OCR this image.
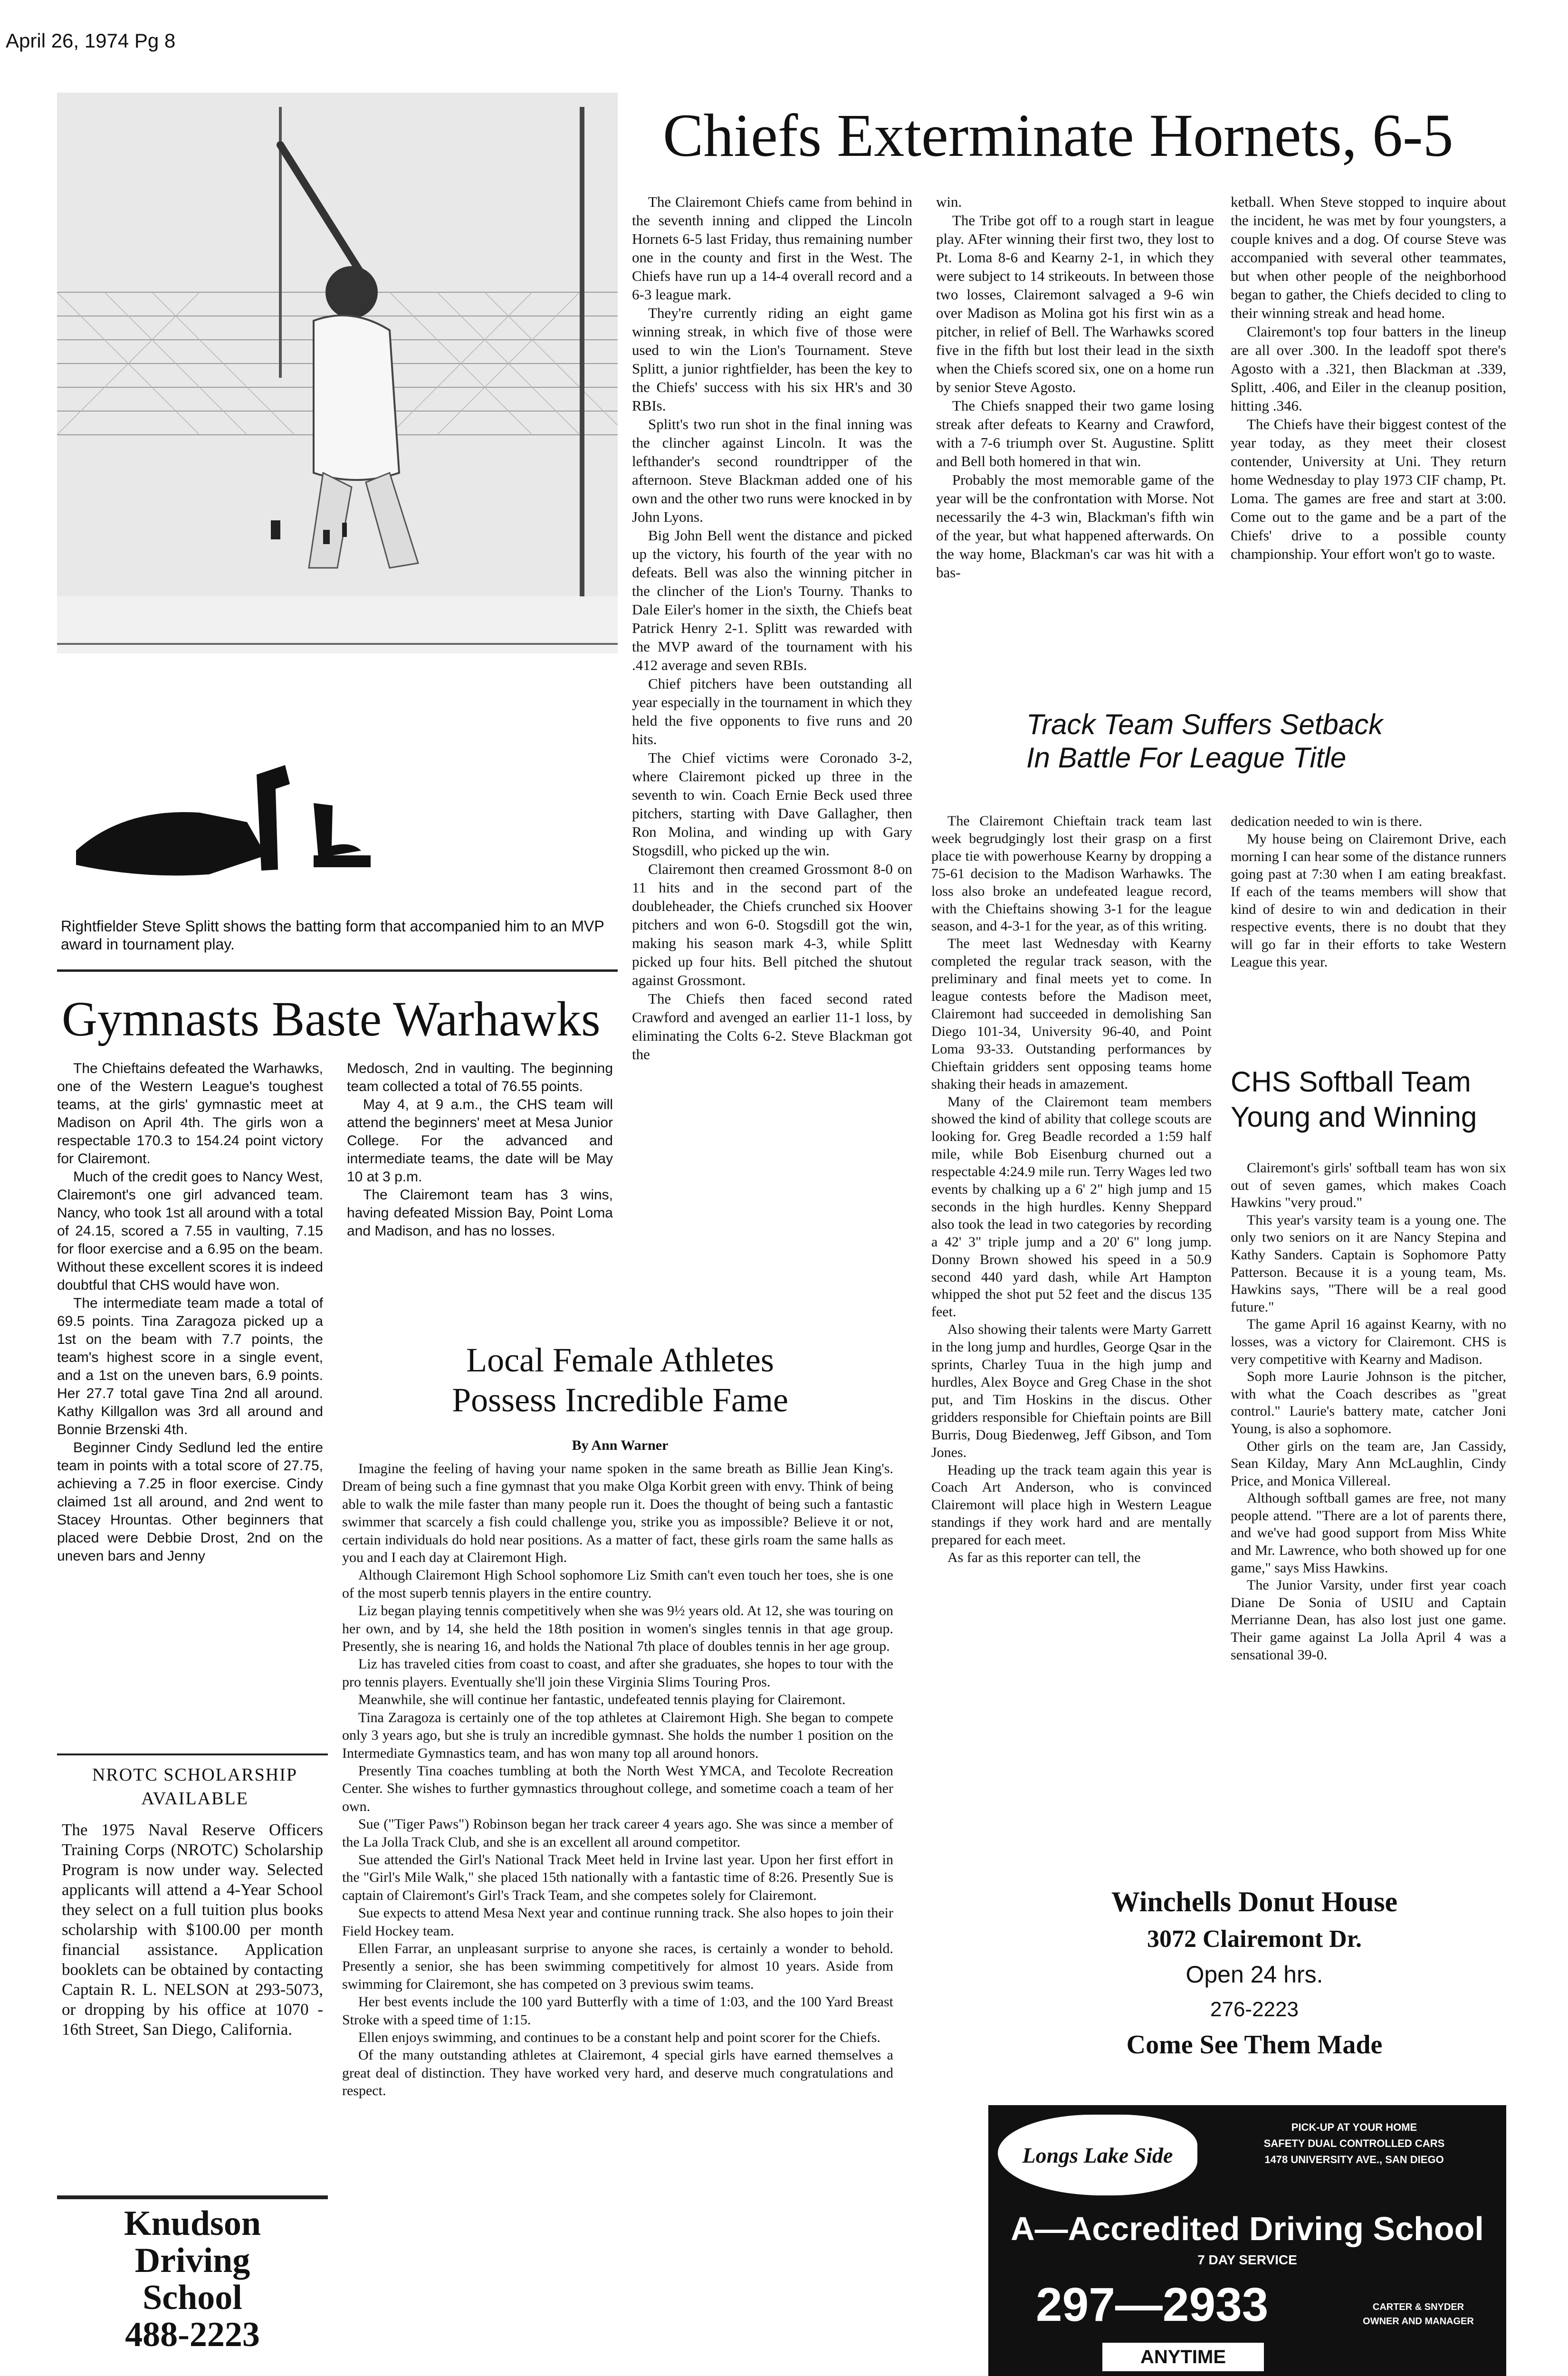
April 26, 1974 Pg 8
Rightfielder Steve Splitt shows the batting form that accompanied him to an MVP award in tournament play.
Chiefs Exterminate Hornets, 6-5

The Clairemont Chiefs came from behind in the seventh inning and clipped the Lincoln Hornets 6-5 last Friday, thus remaining number one in the county and first in the West. The Chiefs have run up a 14-4 overall record and a 6-3 league mark.

They're currently riding an eight game winning streak, in which five of those were used to win the Lion's Tournament. Steve Splitt, a junior rightfielder, has been the key to the Chiefs' success with his six HR's and 30 RBIs.

Splitt's two run shot in the final inning was the clincher against Lincoln. It was the lefthander's second roundtripper of the afternoon. Steve Blackman added one of his own and the other two runs were knocked in by John Lyons.

Big John Bell went the distance and picked up the victory, his fourth of the year with no defeats. Bell was also the winning pitcher in the clincher of the Lion's Tourny. Thanks to Dale Eiler's homer in the sixth, the Chiefs beat Patrick Henry 2-1. Splitt was rewarded with the MVP award of the tournament with his .412 average and seven RBIs.

Chief pitchers have been outstanding all year especially in the tournament in which they held the five opponents to five runs and 20 hits.

The Chief victims were Coronado 3-2, where Clairemont picked up three in the seventh to win. Coach Ernie Beck used three pitchers, starting with Dave Gallagher, then Ron Molina, and winding up with Gary Stogsdill, who picked up the win.

Clairemont then creamed Grossmont 8-0 on 11 hits and in the second part of the doubleheader, the Chiefs crunched six Hoover pitchers and won 6-0. Stogsdill got the win, making his season mark 4-3, while Splitt picked up four hits. Bell pitched the shutout against Grossmont.

The Chiefs then faced second rated Crawford and avenged an earlier 11-1 loss, by eliminating the Colts 6-2. Steve Blackman got the

win.

The Tribe got off to a rough start in league play. AFter winning their first two, they lost to Pt. Loma 8-6 and Kearny 2-1, in which they were subject to 14 strikeouts. In between those two losses, Clairemont salvaged a 9-6 win over Madison as Molina got his first win as a pitcher, in relief of Bell. The Warhawks scored five in the fifth but lost their lead in the sixth when the Chiefs scored six, one on a home run by senior Steve Agosto.

The Chiefs snapped their two game losing streak after defeats to Kearny and Crawford, with a 7-6 triumph over St. Augustine. Splitt and Bell both homered in that win.

Probably the most memorable game of the year will be the confrontation with Morse. Not necessarily the 4-3 win, Blackman's fifth win of the year, but what happened afterwards. On the way home, Blackman's car was hit with a bas-

ketball. When Steve stopped to inquire about the incident, he was met by four youngsters, a couple knives and a dog. Of course Steve was accompanied with several other teammates, but when other people of the neighborhood began to gather, the Chiefs decided to cling to their winning streak and head home.

Clairemont's top four batters in the lineup are all over .300. In the leadoff spot there's Agosto with a .321, then Blackman at .339, Splitt, .406, and Eiler in the cleanup position, hitting .346.

The Chiefs have their biggest contest of the year today, as they meet their closest contender, University at Uni. They return home Wednesday to play 1973 CIF champ, Pt. Loma. The games are free and start at 3:00. Come out to the game and be a part of the Chiefs' drive to a possible county championship. Your effort won't go to waste.

Gymnasts Baste Warhawks

The Chieftains defeated the Warhawks, one of the Western League's toughest teams, at the girls' gymnastic meet at Madison on April 4th. The girls won a respectable 170.3 to 154.24 point victory for Clairemont.

Much of the credit goes to Nancy West, Clairemont's one girl advanced team. Nancy, who took 1st all around with a total of 24.15, scored a 7.55 in vaulting, 7.15 for floor exercise and a 6.95 on the beam. Without these excellent scores it is indeed doubtful that CHS would have won.

The intermediate team made a total of 69.5 points. Tina Zaragoza picked up a 1st on the beam with 7.7 points, the team's highest score in a single event, and a 1st on the uneven bars, 6.9 points. Her 27.7 total gave Tina 2nd all around. Kathy Killgallon was 3rd all around and Bonnie Brzenski 4th.

Beginner Cindy Sedlund led the entire team in points with a total score of 27.75, achieving a 7.25 in floor exercise. Cindy claimed 1st all around, and 2nd went to Stacey Hrountas. Other beginners that placed were Debbie Drost, 2nd on the uneven bars and Jenny

Medosch, 2nd in vaulting. The beginning team collected a total of 76.55 points.

May 4, at 9 a.m., the CHS team will attend the beginners' meet at Mesa Junior College. For the advanced and intermediate teams, the date will be May 10 at 3 p.m.

The Clairemont team has 3 wins, having defeated Mission Bay, Point Loma and Madison, and has no losses.

NROTC SCHOLARSHIP AVAILABLE
The 1975 Naval Reserve Officers Training Corps (NROTC) Scholarship Program is now under way. Selected applicants will attend a 4-Year School they select on a full tuition plus books scholarship with $100.00 per month financial assistance. Application booklets can be obtained by contacting Captain R. L. NELSON at 293-5073, or dropping by his office at 1070 - 16th Street, San Diego, California.
Knudson
Driving
School
488-2223
Local Female Athletes
Possess Incredible Fame
By Ann Warner

Imagine the feeling of having your name spoken in the same breath as Billie Jean King's. Dream of being such a fine gymnast that you make Olga Korbit green with envy. Think of being able to walk the mile faster than many people run it. Does the thought of being such a fantastic swimmer that scarcely a fish could challenge you, strike you as impossible? Believe it or not, certain individuals do hold near positions. As a matter of fact, these girls roam the same halls as you and I each day at Clairemont High.

Although Clairemont High School sophomore Liz Smith can't even touch her toes, she is one of the most superb tennis players in the entire country.

Liz began playing tennis competitively when she was 9½ years old. At 12, she was touring on her own, and by 14, she held the 18th position in women's singles tennis in that age group. Presently, she is nearing 16, and holds the National 7th place of doubles tennis in her age group.

Liz has traveled cities from coast to coast, and after she graduates, she hopes to tour with the pro tennis players. Eventually she'll join these Virginia Slims Touring Pros.

Meanwhile, she will continue her fantastic, undefeated tennis playing for Clairemont.

Tina Zaragoza is certainly one of the top athletes at Clairemont High. She began to compete only 3 years ago, but she is truly an incredible gymnast. She holds the number 1 position on the Intermediate Gymnastics team, and has won many top all around honors.

Presently Tina coaches tumbling at both the North West YMCA, and Tecolote Recreation Center. She wishes to further gymnastics throughout college, and sometime coach a team of her own.

Sue ("Tiger Paws") Robinson began her track career 4 years ago. She was since a member of the La Jolla Track Club, and she is an excellent all around competitor.

Sue attended the Girl's National Track Meet held in Irvine last year. Upon her first effort in the "Girl's Mile Walk," she placed 15th nationally with a fantastic time of 8:26. Presently Sue is captain of Clairemont's Girl's Track Team, and she competes solely for Clairemont.

Sue expects to attend Mesa Next year and continue running track. She also hopes to join their Field Hockey team.

Ellen Farrar, an unpleasant surprise to anyone she races, is certainly a wonder to behold. Presently a senior, she has been swimming competitively for almost 10 years. Aside from swimming for Clairemont, she has competed on 3 previous swim teams.

Her best events include the 100 yard Butterfly with a time of 1:03, and the 100 Yard Breast Stroke with a speed time of 1:15.

Ellen enjoys swimming, and continues to be a constant help and point scorer for the Chiefs.

Of the many outstanding athletes at Clairemont, 4 special girls have earned themselves a great deal of distinction. They have worked very hard, and deserve much congratulations and respect.

Track Team Suffers Setback
In Battle For League Title

The Clairemont Chieftain track team last week begrudgingly lost their grasp on a first place tie with powerhouse Kearny by dropping a 75-61 decision to the Madison Warhawks. The loss also broke an undefeated league record, with the Chieftains showing 3-1 for the league season, and 4-3-1 for the year, as of this writing.

The meet last Wednesday with Kearny completed the regular track season, with the preliminary and final meets yet to come. In league contests before the Madison meet, Clairemont had succeeded in demolishing San Diego 101-34, University 96-40, and Point Loma 93-33. Outstanding performances by Chieftain gridders sent opposing teams home shaking their heads in amazement.

Many of the Clairemont team members showed the kind of ability that college scouts are looking for. Greg Beadle recorded a 1:59 half mile, while Bob Eisenburg churned out a respectable 4:24.9 mile run. Terry Wages led two events by chalking up a 6' 2" high jump and 15 seconds in the high hurdles. Kenny Sheppard also took the lead in two categories by recording a 42' 3" triple jump and a 20' 6" long jump. Donny Brown showed his speed in a 50.9 second 440 yard dash, while Art Hampton whipped the shot put 52 feet and the discus 135 feet.

Also showing their talents were Marty Garrett in the long jump and hurdles, George Qsar in the sprints, Charley Tuua in the high jump and hurdles, Alex Boyce and Greg Chase in the shot put, and Tim Hoskins in the discus. Other gridders responsible for Chieftain points are Bill Burris, Doug Biedenweg, Jeff Gibson, and Tom Jones.

Heading up the track team again this year is Coach Art Anderson, who is convinced Clairemont will place high in Western League standings if they work hard and are mentally prepared for each meet.

As far as this reporter can tell, the

dedication needed to win is there.

My house being on Clairemont Drive, each morning I can hear some of the distance runners going past at 7:30 when I am eating breakfast. If each of the teams members will show that kind of desire to win and dedication in their respective events, there is no doubt that they will go far in their efforts to take Western League this year.

CHS Softball Team
Young and Winning

Clairemont's girls' softball team has won six out of seven games, which makes Coach Hawkins "very proud."

This year's varsity team is a young one. The only two seniors on it are Nancy Stepina and Kathy Sanders. Captain is Sophomore Patty Patterson. Because it is a young team, Ms. Hawkins says, "There will be a real good future."

The game April 16 against Kearny, with no losses, was a victory for Clairemont. CHS is very competitive with Kearny and Madison.

Soph more Laurie Johnson is the pitcher, with what the Coach describes as "great control." Laurie's battery mate, catcher Joni Young, is also a sophomore.

Other girls on the team are, Jan Cassidy, Sean Kilday, Mary Ann McLaughlin, Cindy Price, and Monica Villereal.

Although softball games are free, not many people attend. "There are a lot of parents there, and we've had good support from Miss White and Mr. Lawrence, who both showed up for one game," says Miss Hawkins.

The Junior Varsity, under first year coach Diane De Sonia of USIU and Captain Merrianne Dean, has also lost just one game. Their game against La Jolla April 4 was a sensational 39-0.

Winchells Donut House
3072 Clairemont Dr.
Open 24 hrs.
276-2223
Come See Them Made
Longs Lake Side
PICK-UP AT YOUR HOME
SAFETY DUAL CONTROLLED CARS
1478 UNIVERSITY AVE., SAN DIEGO
A—Accredited Driving School
7 DAY SERVICE
297—2933
ANYTIME
CARTER & SNYDER
OWNER AND MANAGER
